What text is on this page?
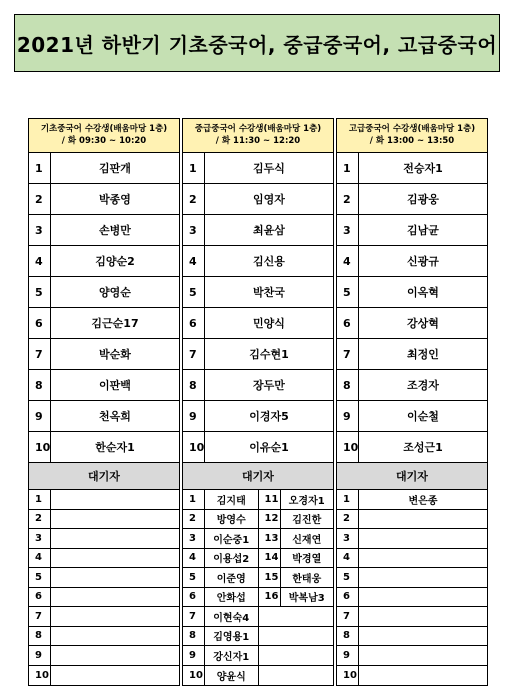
2021년 하반기 기초중국어, 중급중국어, 고급중국어
기초중국어 수강생(배움마당 1층)
/ 화 09:30 ~ 10:20
1	김판개
2	박종영
3	손병만
4	김양순2
5	양영순
6	김근순17
7	박순화
8	이판백
9	천옥희
10	한순자1
대기자
1
2
3
4
5
6
7
8
9
10
중급중국어 수강생(배움마당 1층)
/ 화 11:30 ~ 12:20
1	김두식
2	임영자
3	최윤삼
4	김신용
5	박찬국
6	민양식
7	김수현1
8	장두만
9	이경자5
10	이유순1
대기자
1	김지태	11	오경자1
2	방영수	12	김진한
3	이순중1	13	신재연
4	이용섭2	14	박경열
5	이준영	15	한태웅
6	안화섭	16	박복남3
7	이현숙4
8	김영용1
9	강신자1
10	양윤식
고급중국어 수강생(배움마당 1층)
/ 화 13:00 ~ 13:50
1	전승자1
2	김광웅
3	김남균
4	신광규
5	이옥혁
6	강상혁
7	최정인
8	조경자
9	이순철
10	조성근1
대기자
1	변은종
2
3
4
5
6
7
8
9
10
